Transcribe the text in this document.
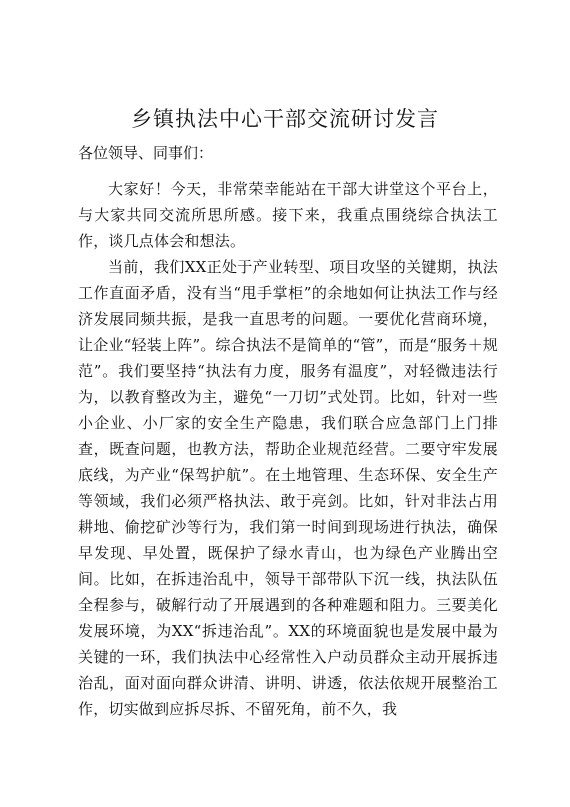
乡镇执法中心干部交流研讨发言

各位领导、同事们：

大家好！今天，非常荣幸能站在干部大讲堂这个平台上，与大家共同交流所思所感。接下来，我重点围绕综合执法工作，谈几点体会和想法。

当前，我们XX正处于产业转型、项目攻坚的关键期，执法工作直面矛盾，没有当“甩手掌柜”的余地如何让执法工作与经济发展同频共振，是我一直思考的问题。一要优化营商环境，让企业“轻装上阵”。综合执法不是简单的“管”，而是“服务＋规范”。我们要坚持“执法有力度，服务有温度”，对轻微违法行为，以教育整改为主，避免“一刀切”式处罚。比如，针对一些小企业、小厂家的安全生产隐患，我们联合应急部门上门排查，既查问题，也教方法，帮助企业规范经营。二要守牢发展底线，为产业“保驾护航”。在土地管理、生态环保、安全生产等领域，我们必须严格执法、敢于亮剑。比如，针对非法占用耕地、偷挖矿沙等行为，我们第一时间到现场进行执法，确保早发现、早处置，既保护了绿水青山，也为绿色产业腾出空间。比如，在拆违治乱中，领导干部带队下沉一线，执法队伍全程参与，破解行动了开展遇到的各种难题和阻力。三要美化发展环境，为XX“拆违治乱”。XX的环境面貌也是发展中最为关键的一环，我们执法中心经常性入户动员群众主动开展拆违治乱，面对面向群众讲清、讲明、讲透，依法依规开展整治工作，切实做到应拆尽拆、不留死角，前不久，我
